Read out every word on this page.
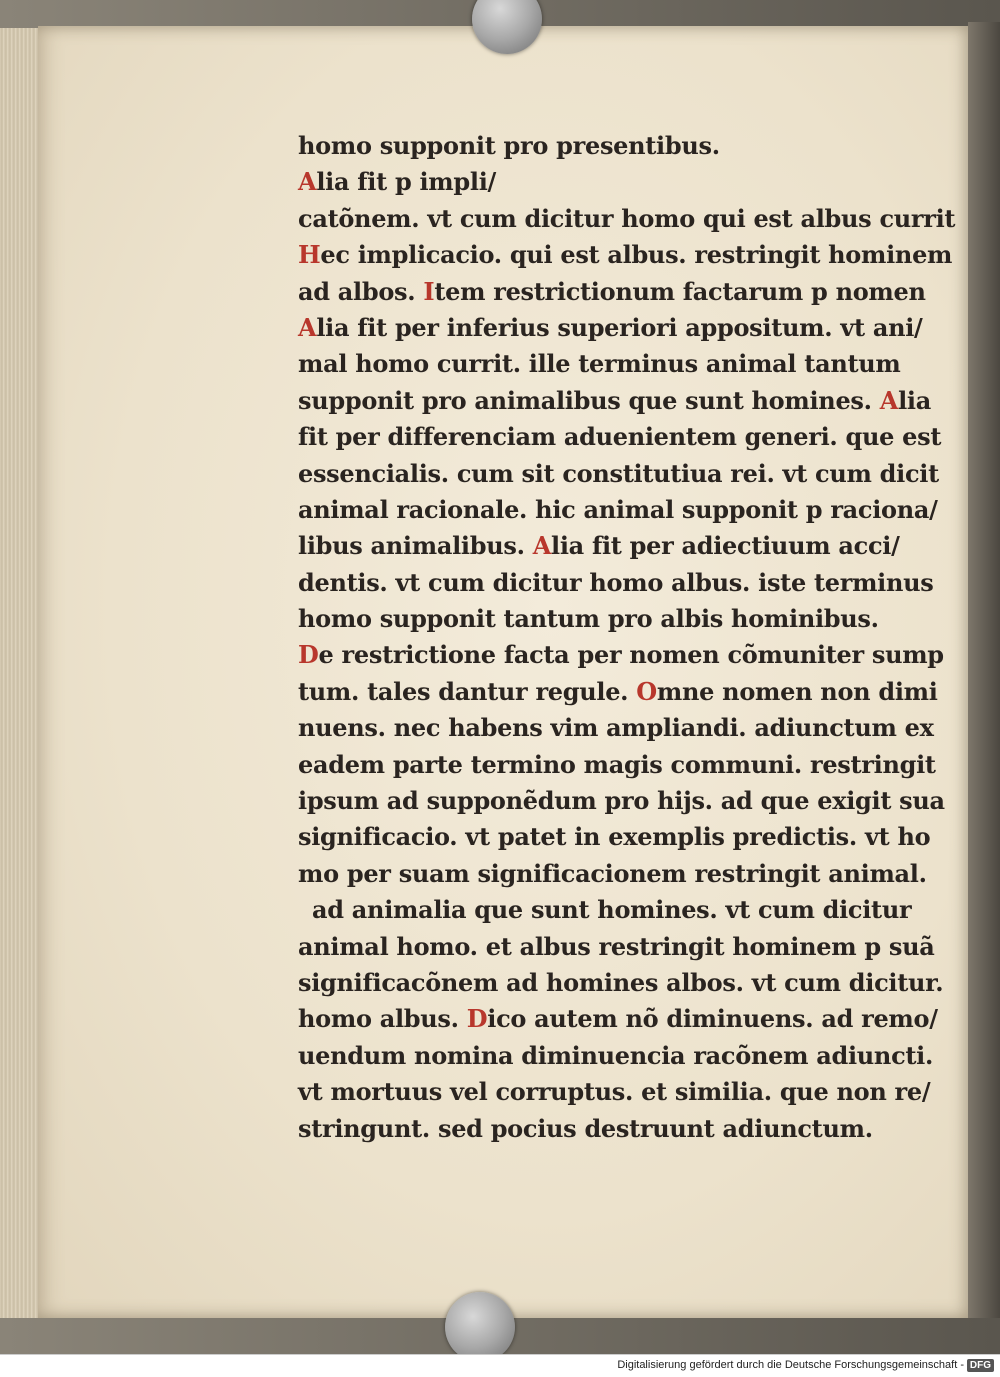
homo supponit pro presentibus.
Alia fit p impli/
catõnem. vt cum dicitur homo qui est albus currit
Hec implicacio. qui est albus. restringit hominem
ad albos. Item restrictionum factarum p nomen
Alia fit per inferius superiori appositum. vt ani/
mal homo currit. ille terminus animal tantum
supponit pro animalibus que sunt homines. Alia
fit per differenciam aduenientem generi. que est
essencialis. cum sit constitutiua rei. vt cum dicit
animal racionale. hic animal supponit p raciona/
libus animalibus. Alia fit per adiectiuum acci/
dentis. vt cum dicitur homo albus. iste terminus
homo supponit tantum pro albis hominibus.
De restrictione facta per nomen cõmuniter sump
tum. tales dantur regule. Omne nomen non dimi
nuens. nec habens vim ampliandi. adiunctum ex
eadem parte termino magis communi. restringit
ipsum ad supponẽdum pro hijs. ad que exigit sua
significacio. vt patet in exemplis predictis. vt ho
mo per suam significacionem restringit animal.
ad animalia que sunt homines. vt cum dicitur
animal homo. et albus restringit hominem p suã
significacõnem ad homines albos. vt cum dicitur.
homo albus. Dico autem nõ diminuens. ad remo/
uendum nomina diminuencia racõnem adiuncti.
vt mortuus vel corruptus. et similia. que non re/
stringunt. sed pocius destruunt adiunctum.
Digitalisierung gefördert durch die Deutsche Forschungsgemeinschaft - DFG
